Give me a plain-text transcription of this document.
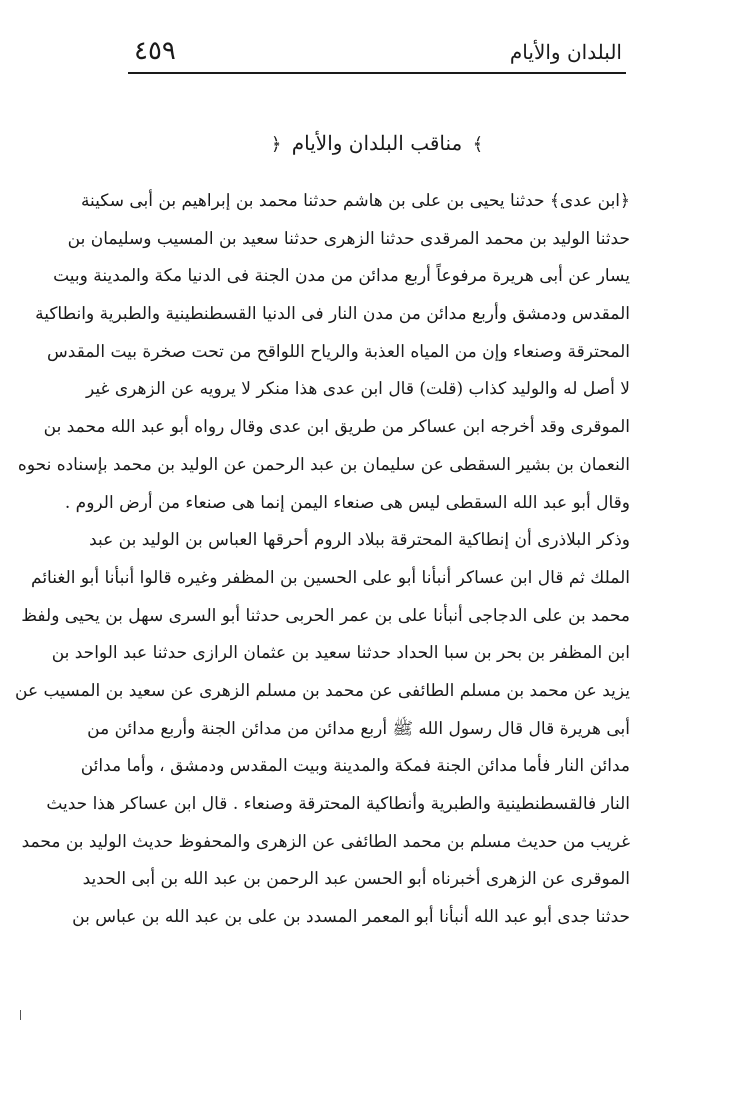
٤٥٩	البلدان والأيام
﴾ مناقب البلدان والأيام ﴿
﴿ابن عدى﴾ حدثنا يحيى بن على بن هاشم حدثنا محمد بن إبراهيم بن أبى سكينة
حدثنا الوليد بن محمد المرقدى حدثنا الزهرى حدثنا سعيد بن المسيب وسليمان بن
يسار عن أبى هريرة مرفوعاً أربع مدائن من مدن الجنة فى الدنيا مكة والمدينة وبيت
المقدس ودمشق وأربع مدائن من مدن النار فى الدنيا القسطنطينية والطبرية وانطاكية
المحترقة وصنعاء وإن من المياه العذبة والرياح اللواقح من تحت صخرة بيت المقدس
لا أصل له والوليد كذاب (قلت) قال ابن عدى هذا منكر لا يرويه عن الزهرى غير
الموقرى وقد أخرجه ابن عساكر من طريق ابن عدى وقال رواه أبو عبد الله محمد بن
النعمان بن بشير السقطى عن سليمان بن عبد الرحمن عن الوليد بن محمد بإسناده نحوه
وقال أبو عبد الله السقطى ليس هى صنعاء اليمن إنما هى صنعاء من أرض الروم .
وذكر البلاذرى أن إنطاكية المحترقة ببلاد الروم أحرقها العباس بن الوليد بن عبد
الملك ثم قال ابن عساكر أنبأنا أبو على الحسين بن المظفر وغيره قالوا أنبأنا أبو الغنائم
محمد بن على الدجاجى أنبأنا على بن عمر الحربى حدثنا أبو السرى سهل بن يحيى ولفظ
ابن المظفر بن بحر بن سبا الحداد حدثنا سعيد بن عثمان الرازى حدثنا عبد الواحد بن
يزيد عن محمد بن مسلم الطائفى عن محمد بن مسلم الزهرى عن سعيد بن المسيب عن
أبى هريرة قال قال رسول الله ﷺ أربع مدائن من مدائن الجنة وأربع مدائن من
مدائن النار فأما مدائن الجنة فمكة والمدينة وبيت المقدس ودمشق ، وأما مدائن
النار فالقسطنطينية والطبرية وأنطاكية المحترقة وصنعاء . قال ابن عساكر هذا حديث
غريب من حديث مسلم بن محمد الطائفى عن الزهرى والمحفوظ حديث الوليد بن محمد
الموقرى عن الزهرى أخبرناه أبو الحسن عبد الرحمن بن عبد الله بن أبى الحديد
حدثنا جدى أبو عبد الله أنبأنا أبو المعمر المسدد بن على بن عبد الله بن عباس بن
